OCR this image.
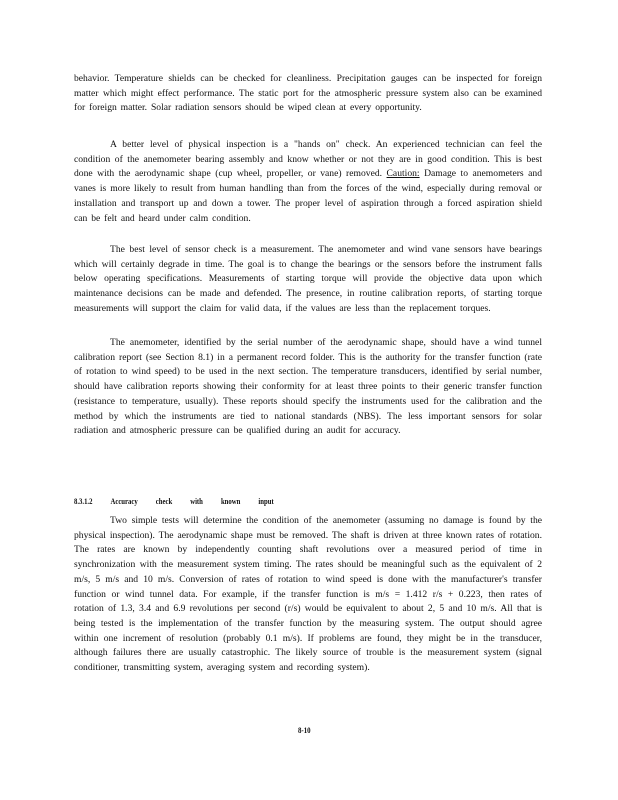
behavior. Temperature shields can be checked for cleanliness. Precipitation gauges can be inspected for foreign matter which might effect performance. The static port for the atmospheric pressure system also can be examined for foreign matter. Solar radiation sensors should be wiped clean at every opportunity.

A better level of physical inspection is a "hands on" check. An experienced technician can feel the condition of the anemometer bearing assembly and know whether or not they are in good condition. This is best done with the aerodynamic shape (cup wheel, propeller, or vane) removed. Caution: Damage to anemometers and vanes is more likely to result from human handling than from the forces of the wind, especially during removal or installation and transport up and down a tower. The proper level of aspiration through a forced aspiration shield can be felt and heard under calm condition.

The best level of sensor check is a measurement. The anemometer and wind vane sensors have bearings which will certainly degrade in time. The goal is to change the bearings or the sensors before the instrument falls below operating specifications. Measurements of starting torque will provide the objective data upon which maintenance decisions can be made and defended. The presence, in routine calibration reports, of starting torque measurements will support the claim for valid data, if the values are less than the replacement torques.

The anemometer, identified by the serial number of the aerodynamic shape, should have a wind tunnel calibration report (see Section 8.1) in a permanent record folder. This is the authority for the transfer function (rate of rotation to wind speed) to be used in the next section. The temperature transducers, identified by serial number, should have calibration reports showing their conformity for at least three points to their generic transfer function (resistance to temperature, usually). These reports should specify the instruments used for the calibration and the method by which the instruments are tied to national standards (NBS). The less important sensors for solar radiation and atmospheric pressure can be qualified during an audit for accuracy.

8.3.1.2 Accuracy check with known input

Two simple tests will determine the condition of the anemometer (assuming no damage is found by the physical inspection). The aerodynamic shape must be removed. The shaft is driven at three known rates of rotation. The rates are known by independently counting shaft revolutions over a measured period of time in synchronization with the measurement system timing. The rates should be meaningful such as the equivalent of 2 m/s, 5 m/s and 10 m/s. Conversion of rates of rotation to wind speed is done with the manufacturer's transfer function or wind tunnel data. For example, if the transfer function is m/s = 1.412 r/s + 0.223, then rates of rotation of 1.3, 3.4 and 6.9 revolutions per second (r/s) would be equivalent to about 2, 5 and 10 m/s. All that is being tested is the implementation of the transfer function by the measuring system. The output should agree within one increment of resolution (probably 0.1 m/s). If problems are found, they might be in the transducer, although failures there are usually catastrophic. The likely source of trouble is the measurement system (signal conditioner, transmitting system, averaging system and recording system).

8-10
